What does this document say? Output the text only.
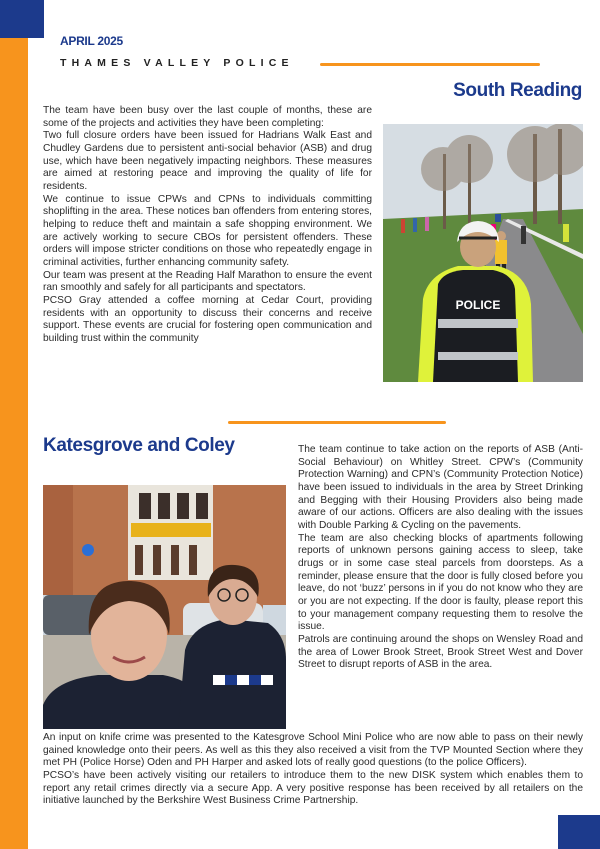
APRIL 2025
THAMES VALLEY POLICE
South Reading

The team have been busy over the last couple of months, these are some of the projects and activities they have been completing:

Two full closure orders have been issued for Hadrians Walk East and Chudley Gardens due to persistent anti-social behavior (ASB) and drug use, which have been negatively impacting neighbors. These measures are aimed at restoring peace and improving the quality of life for residents.

We continue to issue CPWs and CPNs to individuals committing shoplifting in the area. These notices ban offenders from entering stores, helping to reduce theft and maintain a safe shopping environment. We are actively working to secure CBOs for persistent offenders. These orders will impose stricter conditions on those who repeatedly engage in criminal activities, further enhancing community safety.

Our team was present at the Reading Half Marathon to ensure the event ran smoothly and safely for all participants and spectators.

PCSO Gray attended a coffee morning at Cedar Court, providing residents with an opportunity to discuss their concerns and receive support. These events are crucial for fostering open communication and building trust within the community

POLICE
Katesgrove and Coley	The team continue to take action on the reports of ASB (Anti-Social Behaviour) on Whitley Street. CPW’s (Community Protection Warning) and CPN’s (Community Protection Notice) have been issued to individuals in the area by Street Drinking and Begging with their Housing Providers also being made aware of our actions. Officers are also dealing with the issues with Double Parking & Cycling on the pavements.

The team are also checking blocks of apartments following reports of unknown persons gaining access to sleep, take drugs or in some case steal parcels from doorsteps. As a reminder, please ensure that the door is fully closed before you leave, do not ‘buzz’ persons in if you do not know who they are or you are not expecting. If the door is faulty, please report this to your management company requesting them to resolve the issue.

Patrols are continuing around the shops on Wensley Road and the area of Lower Brook Street, Brook Street West and Dover Street to disrupt reports of ASB in the area.

An input on knife crime was presented to the Katesgrove School Mini Police who are now able to pass on their newly gained knowledge onto their peers. As well as this they also received a visit from the TVP Mounted Section where they met PH (Police Horse) Oden and PH Harper and asked lots of really good questions (to the police Officers).

PCSO’s have been actively visiting our retailers to introduce them to the new DISK system which enables them to report any retail crimes directly via a secure App. A very positive response has been received by all retailers on the initiative launched by the Berkshire West Business Crime Partnership.
